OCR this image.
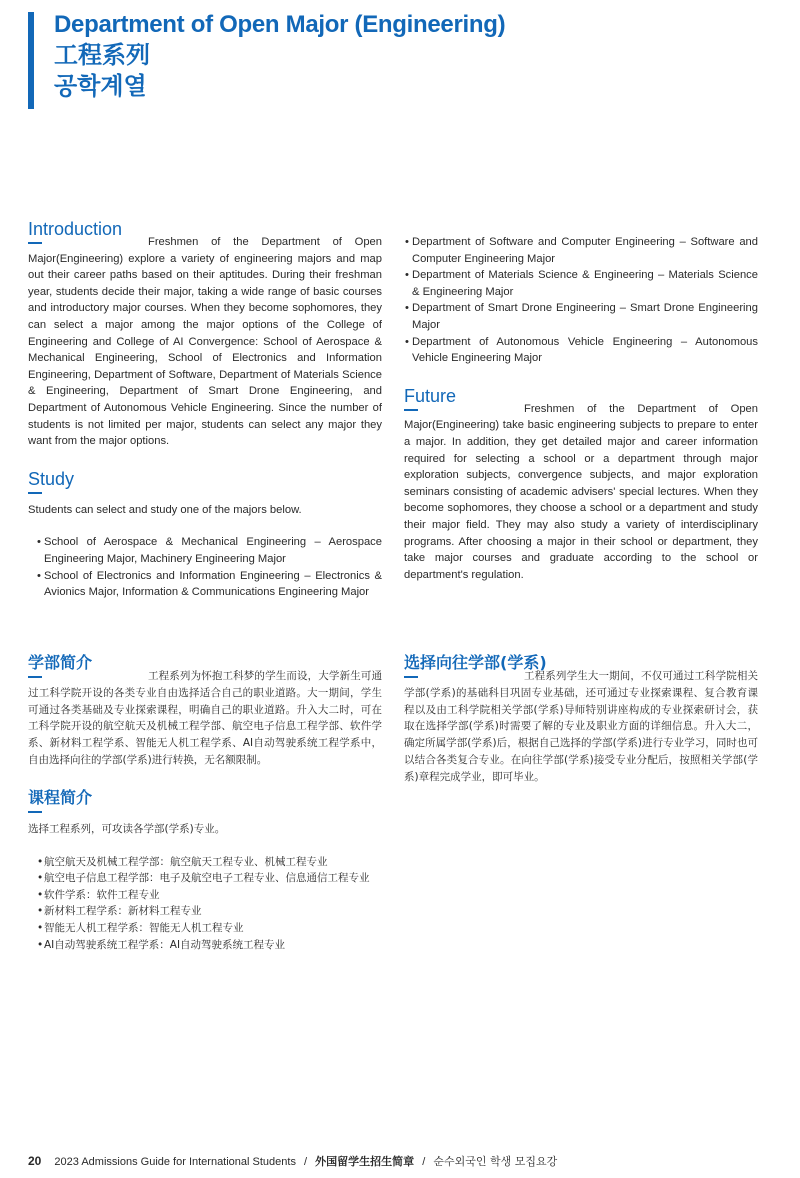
Department of Open Major (Engineering)
工程系列
공학계열
Introduction

Freshmen of the Department of Open Major(Engineering) explore a variety of engineering majors and map out their career paths based on their aptitudes. During their freshman year, students decide their major, taking a wide range of basic courses and introductory major courses. When they become sophomores, they can select a major among the major options of the College of Engineering and College of AI Convergence: School of Aerospace & Mechanical Engineering, School of Electronics and Information Engineering, Department of Software, Department of Materials Science & Engineering, Department of Smart Drone Engineering, and Department of Autonomous Vehicle Engineering. Since the number of students is not limited per major, students can select any major they want from the major options.

Study

Students can select and study one of the majors below.

• School of Aerospace & Mechanical Engineering – Aerospace Engineering Major, Machinery Engineering Major
• School of Electronics and Information Engineering – Electronics & Avionics Major, Information & Communications Engineering Major
• Department of Software and Computer Engineering – Software and Computer Engineering Major
• Department of Materials Science & Engineering – Materials Science & Engineering Major
• Department of Smart Drone Engineering – Smart Drone Engineering Major
• Department of Autonomous Vehicle Engineering – Autonomous Vehicle Engineering Major
Future

Freshmen of the Department of Open Major(Engineering) take basic engineering subjects to prepare to enter a major. In addition, they get detailed major and career information required for selecting a school or a department through major exploration subjects, convergence subjects, and major exploration seminars consisting of academic advisers' special lectures. When they become sophomores, they choose a school or a department and study their major field. They may also study a variety of interdisciplinary programs. After choosing a major in their school or department, they take major courses and graduate according to the school or department's regulation.

学部简介

工程系列为怀抱工科梦的学生而设，大学新生可通过工科学院开设的各类专业自由选择适合自己的职业道路。大一期间，学生可通过各类基础及专业探索课程，明确自己的职业道路。升入大二时，可在工科学院开设的航空航天及机械工程学部、航空电子信息工程学部、软件学系、新材料工程学系、智能无人机工程学系、AI自动驾驶系统工程学系中，自由选择向往的学部(学系)进行转换，无名额限制。

课程简介

选择工程系列，可攻读各学部(学系)专业。

• 航空航天及机械工程学部：航空航天工程专业、机械工程专业
• 航空电子信息工程学部：电子及航空电子工程专业、信息通信工程专业
• 软件学系：软件工程专业
• 新材料工程学系：新材料工程专业
• 智能无人机工程学系：智能无人机工程专业
• AI自动驾驶系统工程学系：AI自动驾驶系统工程专业
选择向往学部(学系)

工程系列学生大一期间，不仅可通过工科学院相关学部(学系)的基础科目巩固专业基础，还可通过专业探索课程、复合教育课程以及由工科学院相关学部(学系)导师特别讲座构成的专业探索研讨会，获取在选择学部(学系)时需要了解的专业及职业方面的详细信息。升入大二，确定所属学部(学系)后，根据自己选择的学部(学系)进行专业学习，同时也可以结合各类复合专业。在向往学部(学系)接受专业分配后，按照相关学部(学系)章程完成学业，即可毕业。

20 2023 Admissions Guide for International Students / 外国留学生招生简章 / 순수외국인 학생 모집요강
